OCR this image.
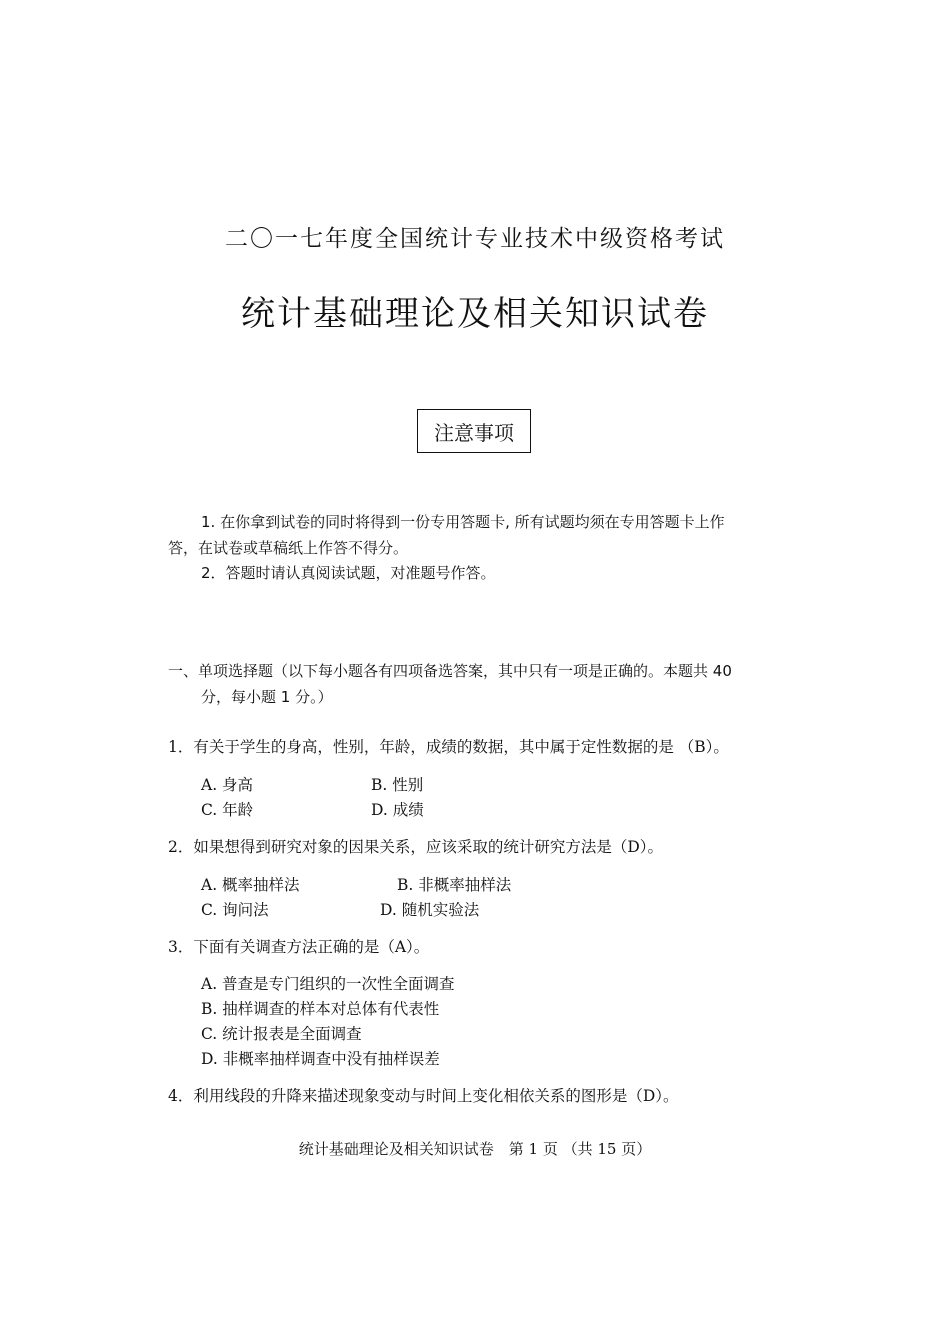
二〇一七年度全国统计专业技术中级资格考试
统计基础理论及相关知识试卷
注意事项
1. 在你拿到试卷的同时将得到一份专用答题卡, 所有试题均须在专用答题卡上作
答，在试卷或草稿纸上作答不得分。
2．答题时请认真阅读试题，对准题号作答。
一、单项选择题（以下每小题各有四项备选答案，其中只有一项是正确的。本题共 40
分，每小题 1 分。）
1．有关于学生的身高，性别，年龄，成绩的数据，其中属于定性数据的是 （B）。
A. 身高	B. 性别
C. 年龄	D. 成绩
2．如果想得到研究对象的因果关系，应该采取的统计研究方法是（D）。
A. 概率抽样法	B. 非概率抽样法
C. 询问法	D. 随机实验法
3．下面有关调查方法正确的是（A）。
A. 普查是专门组织的一次性全面调查
B. 抽样调查的样本对总体有代表性
C. 统计报表是全面调查
D. 非概率抽样调查中没有抽样误差
4．利用线段的升降来描述现象变动与时间上变化相依关系的图形是（D）。
统计基础理论及相关知识试卷　第 1 页 （共 15 页）
